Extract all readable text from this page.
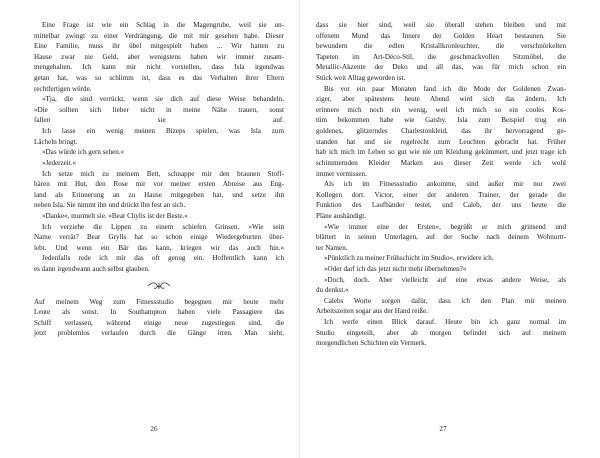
Eine Frage ist wie ein Schlag in die Magengrube, weil sie un-
mittelbar zwingt zu einer Verdrängung, die mit mir gesehen habe. Dieser
Eine Familie, muss ihr übel mitgespielt haben ... Wir hatten zu
Hause zwar nie Geld, aber wenigstens haben wir immer zusam-
mengehalten. Ich kann mir nicht vorstellen, dass Isla irgendwas
getan hat, was so schlimm ist, dass es das Verhalten ihrer Eltern
rechtfertigen würde.
»Tja, die sind verrückt, wenn sie dich auf diese Weise behandeln.
»Die sollten sich lieber nicht in meine Nähe trauen, sonst
fallen sie auf.
Ich lasse ein wenig meinen Bizeps spielen, was Isla zum
Lächeln bringt.
»Das würde ich gern sehen.«
»Jederzeit.«
Ich setze mich zu meinem Bett, schnappe mir den braunen Stoff-
bären mit Hut, den Rose mir vor meiner ersten Abreise aus Eng-
land als Erinnerung an zu Hause mitgegeben hat, und setze ihn
neben Isla. Sie nimmt ihn und drückt ihn fest an sich.
»Danke«, murmelt sie. »Bear Chylis ist der Beste.«
Ich verziehe die Lippen zu einem schiefen Grinsen. »Wie sein
Name verrät? Bear Grylls hat so schon einige Wiedergeburten über-
lebt. Und wenn ein Bär das kann, kriegen wir das auch hin.«
Jedenfalls rede ich mir das oft genug ein. Hoffentlich kann ich
es dann irgendwann auch selbst glauben.
Auf meinem Weg zum Fitnessstudio begegnen mir heute mehr
Leute als sonst. In Southampton haben viele Passagiere das
Schiff verlassen, während einige neue zugestiegen sind, die
jetzt problemlos verlaufen durch die Gänge irren. Man sieht,
26
dass sie hier sind, weil sie überall stehen bleiben und mit
offenem Mund das Innere der Golden Heart bestaunen. Sie
bewundern die edlen Kristallkronleuchter, die verschnörkelten
Tapeten im Art-Déco-Stil, die geschmackvollen Sitzmöbel, die
Metallic-Akzente der Deko und all das, was für mich schon ein
Stück weit Alltag geworden ist.
Bis vor ein paar Monaten fand ich die Mode der Goldenen Zwan-
ziger, aber spätestens heute Abend wird sich das ändern. Ich
erinnere mich noch ein wenig, weil ich mich so ein cooles Kos-
tüm bekommen habe wie Gatsby. Isla zum Beispiel trug ein
goldenes, glitzerndes Charlestonkleid, das ihr hervorragend ge-
standen hat und sie regelrecht zum Leuchten gebracht hat. Früher
hab ich mich im Leben so gut wie nie um Kleidung gekümmert, und jetzt trage ich
schimmernden Kleider Marken aus dieser Zeit werde ich wohl
immer vermissen.
Als ich im Fitnessstudio ankomme, sind außer mir nur zwei
Kollegen dort. Victor, einer der anderen Trainer, der gerade die
Funktion des Laufbänder testet, und Caleb, der uns heute die
Pläne aushändigt.
»Wie immer eine der Ersten«, begrüßt er mich grinsend und
blättert in seinen Unterlagen, auf der Suche nach deinem Wohnortt-
ter Namen.
»Pünktlich zu meiner Frühschicht im Studio«, erwidere ich.
»Oder darf ich das jetzt nicht mehr übernehmen?«
»Doch, doch. Aber vielleicht auf eine etwas andere Weise, als
du denkst.«
Calebs Worte sorgen dafür, dass ich den Plan mit meinen
Arbeitszeiten sogar aus der Hand reiße.
Ich werfe einen Blick darauf. Heute bin ich ganz normal im
Studio eingeteilt, aber ab morgen befindet sich auf meinem
morgendlichen Schichten ein Vermerk.
27
